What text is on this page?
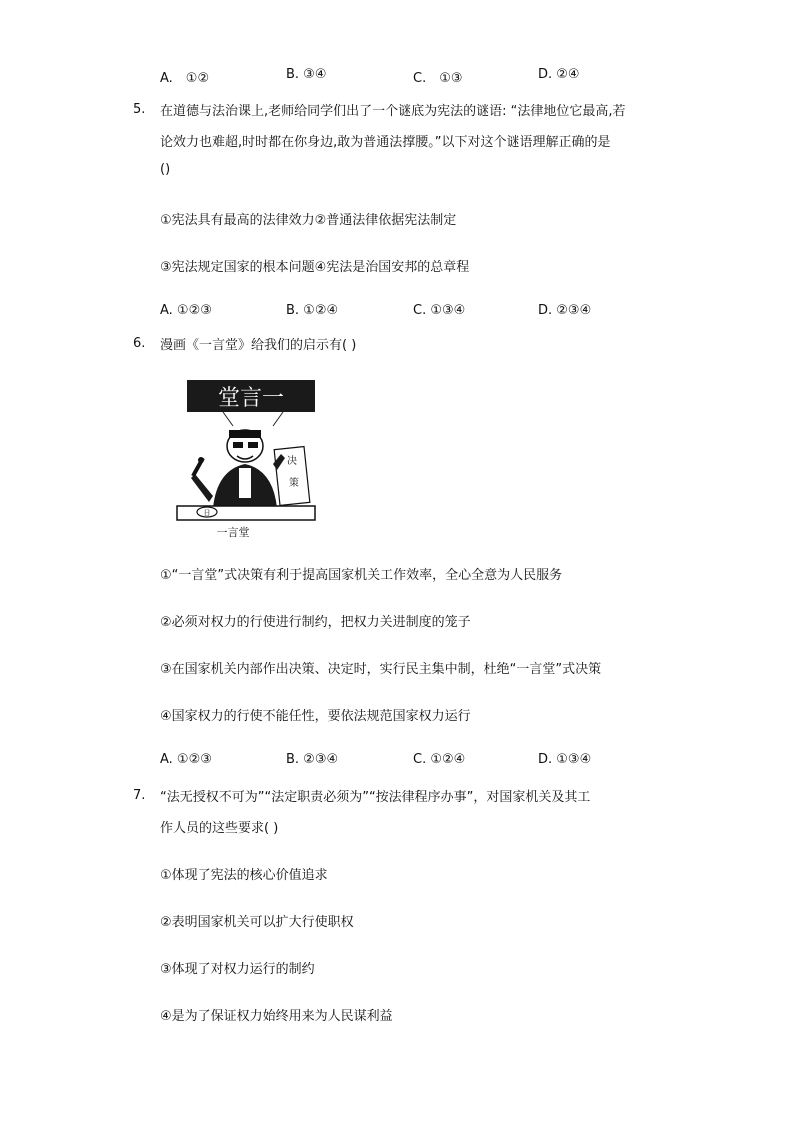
A.　①②	B. ③④	C.　①③	D. ②④
5. 在道德与法治课上,老师给同学们出了一个谜底为宪法的谜语: “法律地位它最高,若
论效力也难超,时时都在你身边,敢为普通法撑腰。”以下对这个谜语理解正确的是
()
①宪法具有最高的法律效力②普通法律依据宪法制定
③宪法规定国家的根本问题④宪法是治国安邦的总章程
A. ①②③	B. ①②④	C. ①③④	D. ②③④
6. 漫画《一言堂》给我们的启示有( )
堂言一
决
策
日
一言堂
①“一言堂”式决策有利于提高国家机关工作效率，全心全意为人民服务
②必须对权力的行使进行制约，把权力关进制度的笼子
③在国家机关内部作出决策、决定时，实行民主集中制，杜绝“一言堂”式决策
④国家权力的行使不能任性，要依法规范国家权力运行
A. ①②③	B. ②③④	C. ①②④	D. ①③④
7. “法无授权不可为”“法定职责必须为”“按法律程序办事”，对国家机关及其工
作人员的这些要求( )
①体现了宪法的核心价值追求
②表明国家机关可以扩大行使职权
③体现了对权力运行的制约
④是为了保证权力始终用来为人民谋利益
